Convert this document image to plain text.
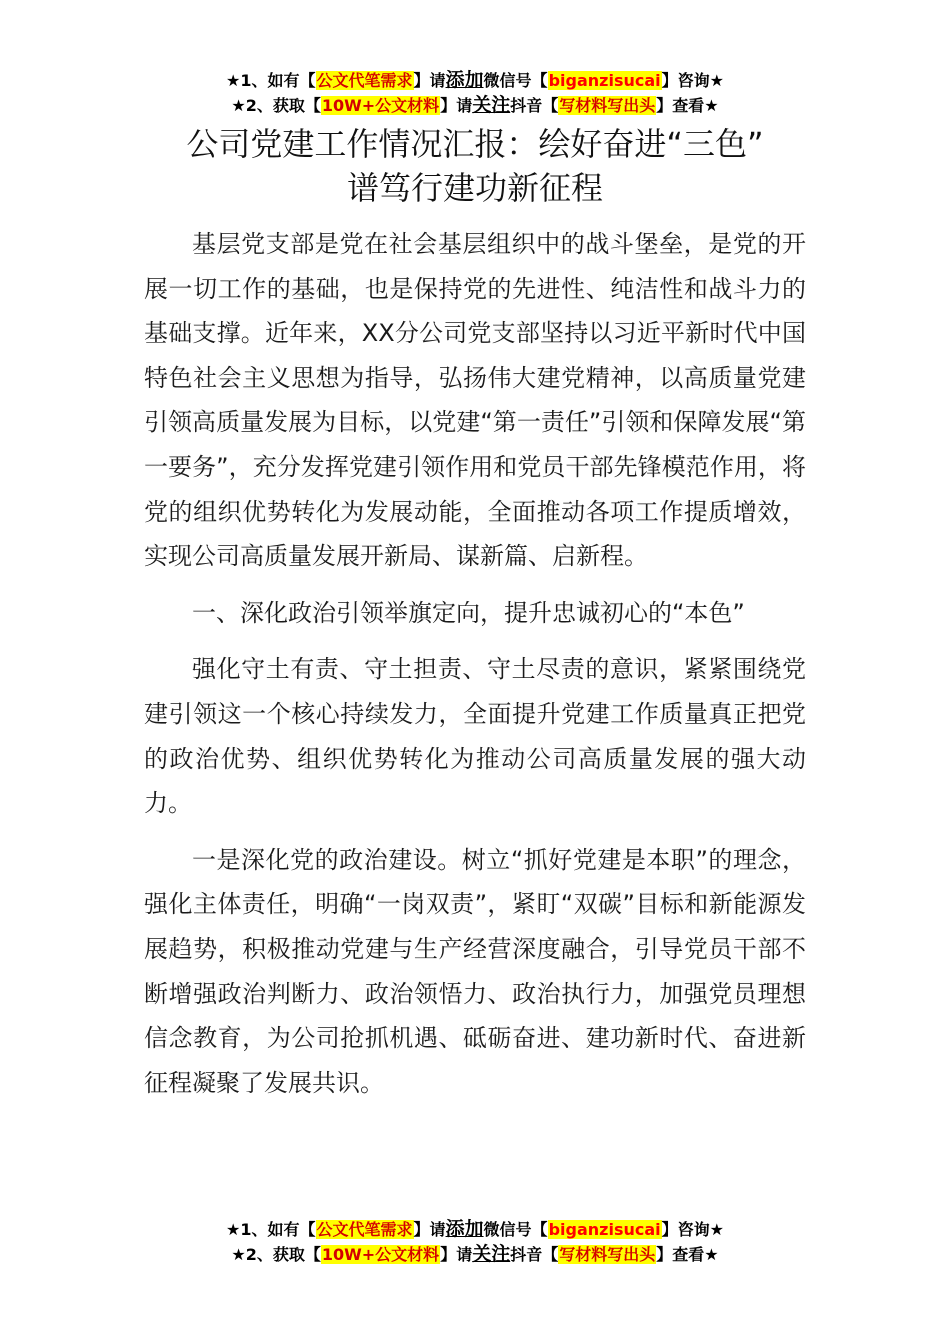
★1、如有【公文代笔需求】请添加微信号【biganzisucai】咨询★
★2、获取【10W+公文材料】请关注抖音【写材料写出头】查看★
公司党建工作情况汇报：绘好奋进“三色”
谱笃行建功新征程

基层党支部是党在社会基层组织中的战斗堡垒，是党的开展一切工作的基础，也是保持党的先进性、纯洁性和战斗力的基础支撑。近年来，XX分公司党支部坚持以习近平新时代中国特色社会主义思想为指导，弘扬伟大建党精神，以高质量党建引领高质量发展为目标，以党建“第一责任”引领和保障发展“第一要务”，充分发挥党建引领作用和党员干部先锋模范作用，将党的组织优势转化为发展动能，全面推动各项工作提质增效，实现公司高质量发展开新局、谋新篇、启新程。

一、深化政治引领举旗定向，提升忠诚初心的“本色”

强化守土有责、守土担责、守土尽责的意识，紧紧围绕党建引领这一个核心持续发力，全面提升党建工作质量真正把党的政治优势、组织优势转化为推动公司高质量发展的强大动力。

一是深化党的政治建设。树立“抓好党建是本职”的理念，强化主体责任，明确“一岗双责”，紧盯“双碳”目标和新能源发展趋势，积极推动党建与生产经营深度融合，引导党员干部不断增强政治判断力、政治领悟力、政治执行力，加强党员理想信念教育，为公司抢抓机遇、砥砺奋进、建功新时代、奋进新征程凝聚了发展共识。

★1、如有【公文代笔需求】请添加微信号【biganzisucai】咨询★
★2、获取【10W+公文材料】请关注抖音【写材料写出头】查看★
